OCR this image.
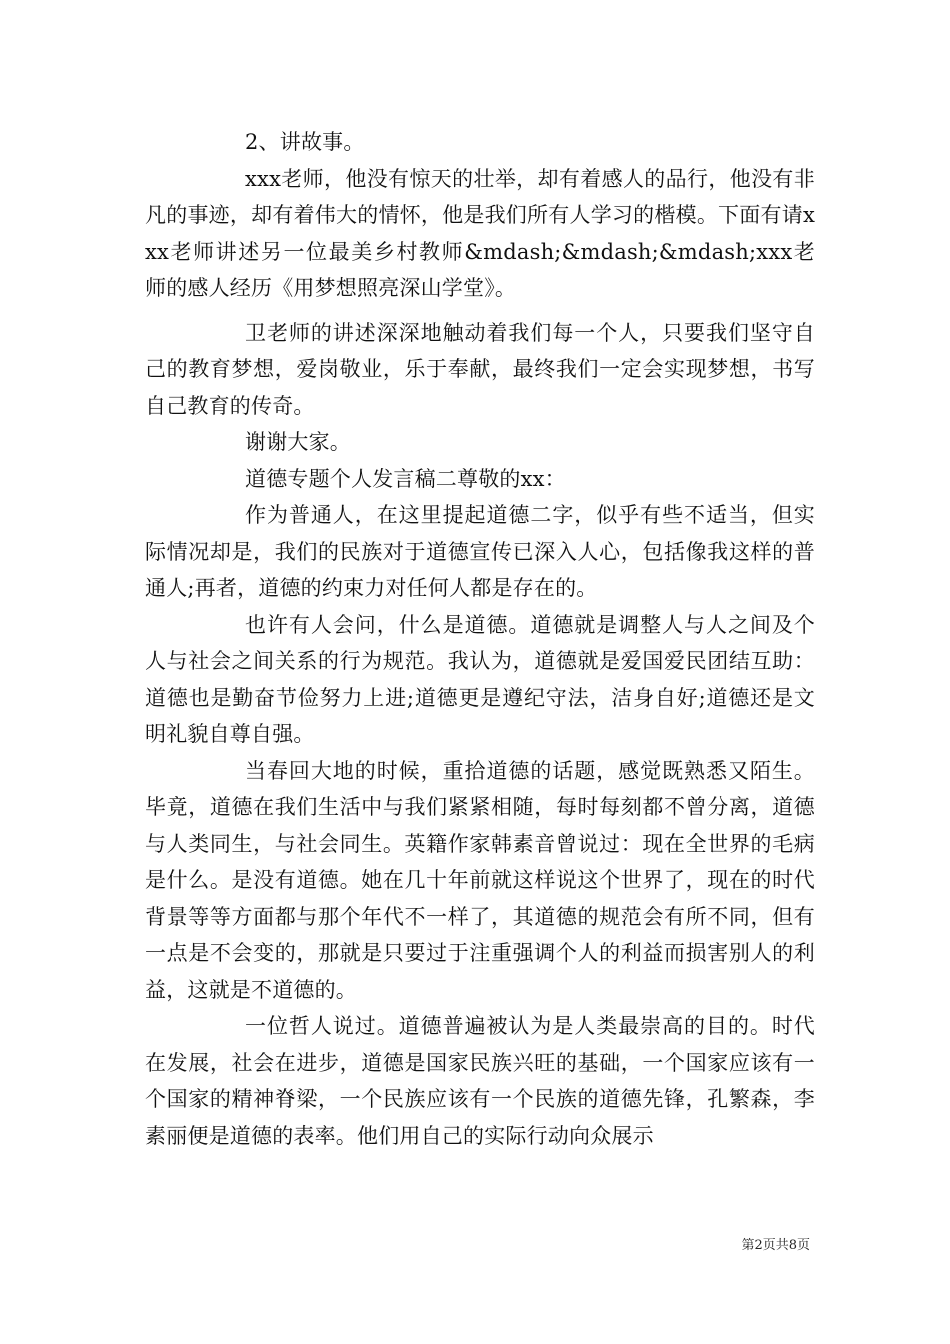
2、讲故事。

xxx老师，他没有惊天的壮举，却有着感人的品行，他没有非凡的事迹，却有着伟大的情怀，他是我们所有人学习的楷模。下面有请xxx老师讲述另一位最美乡村教师&mdash;&mdash;&mdash;xxx老师的感人经历《用梦想照亮深山学堂》。

卫老师的讲述深深地触动着我们每一个人，只要我们坚守自己的教育梦想，爱岗敬业，乐于奉献，最终我们一定会实现梦想，书写自己教育的传奇。

谢谢大家。

道德专题个人发言稿二尊敬的xx：

作为普通人，在这里提起道德二字，似乎有些不适当，但实际情况却是，我们的民族对于道德宣传已深入人心，包括像我这样的普通人;再者，道德的约束力对任何人都是存在的。

也许有人会问，什么是道德。道德就是调整人与人之间及个人与社会之间关系的行为规范。我认为，道德就是爱国爱民团结互助：道德也是勤奋节俭努力上进;道德更是遵纪守法，洁身自好;道德还是文明礼貌自尊自强。

当春回大地的时候，重拾道德的话题，感觉既熟悉又陌生。毕竟，道德在我们生活中与我们紧紧相随，每时每刻都不曾分离，道德与人类同生，与社会同生。英籍作家韩素音曾说过：现在全世界的毛病是什么。是没有道德。她在几十年前就这样说这个世界了，现在的时代背景等等方面都与那个年代不一样了，其道德的规范会有所不同，但有一点是不会变的，那就是只要过于注重强调个人的利益而损害别人的利益，这就是不道德的。

一位哲人说过。道德普遍被认为是人类最崇高的目的。时代在发展，社会在进步，道德是国家民族兴旺的基础，一个国家应该有一个国家的精神脊梁，一个民族应该有一个民族的道德先锋，孔繁森，李素丽便是道德的表率。他们用自己的实际行动向众展示

第2页共8页
